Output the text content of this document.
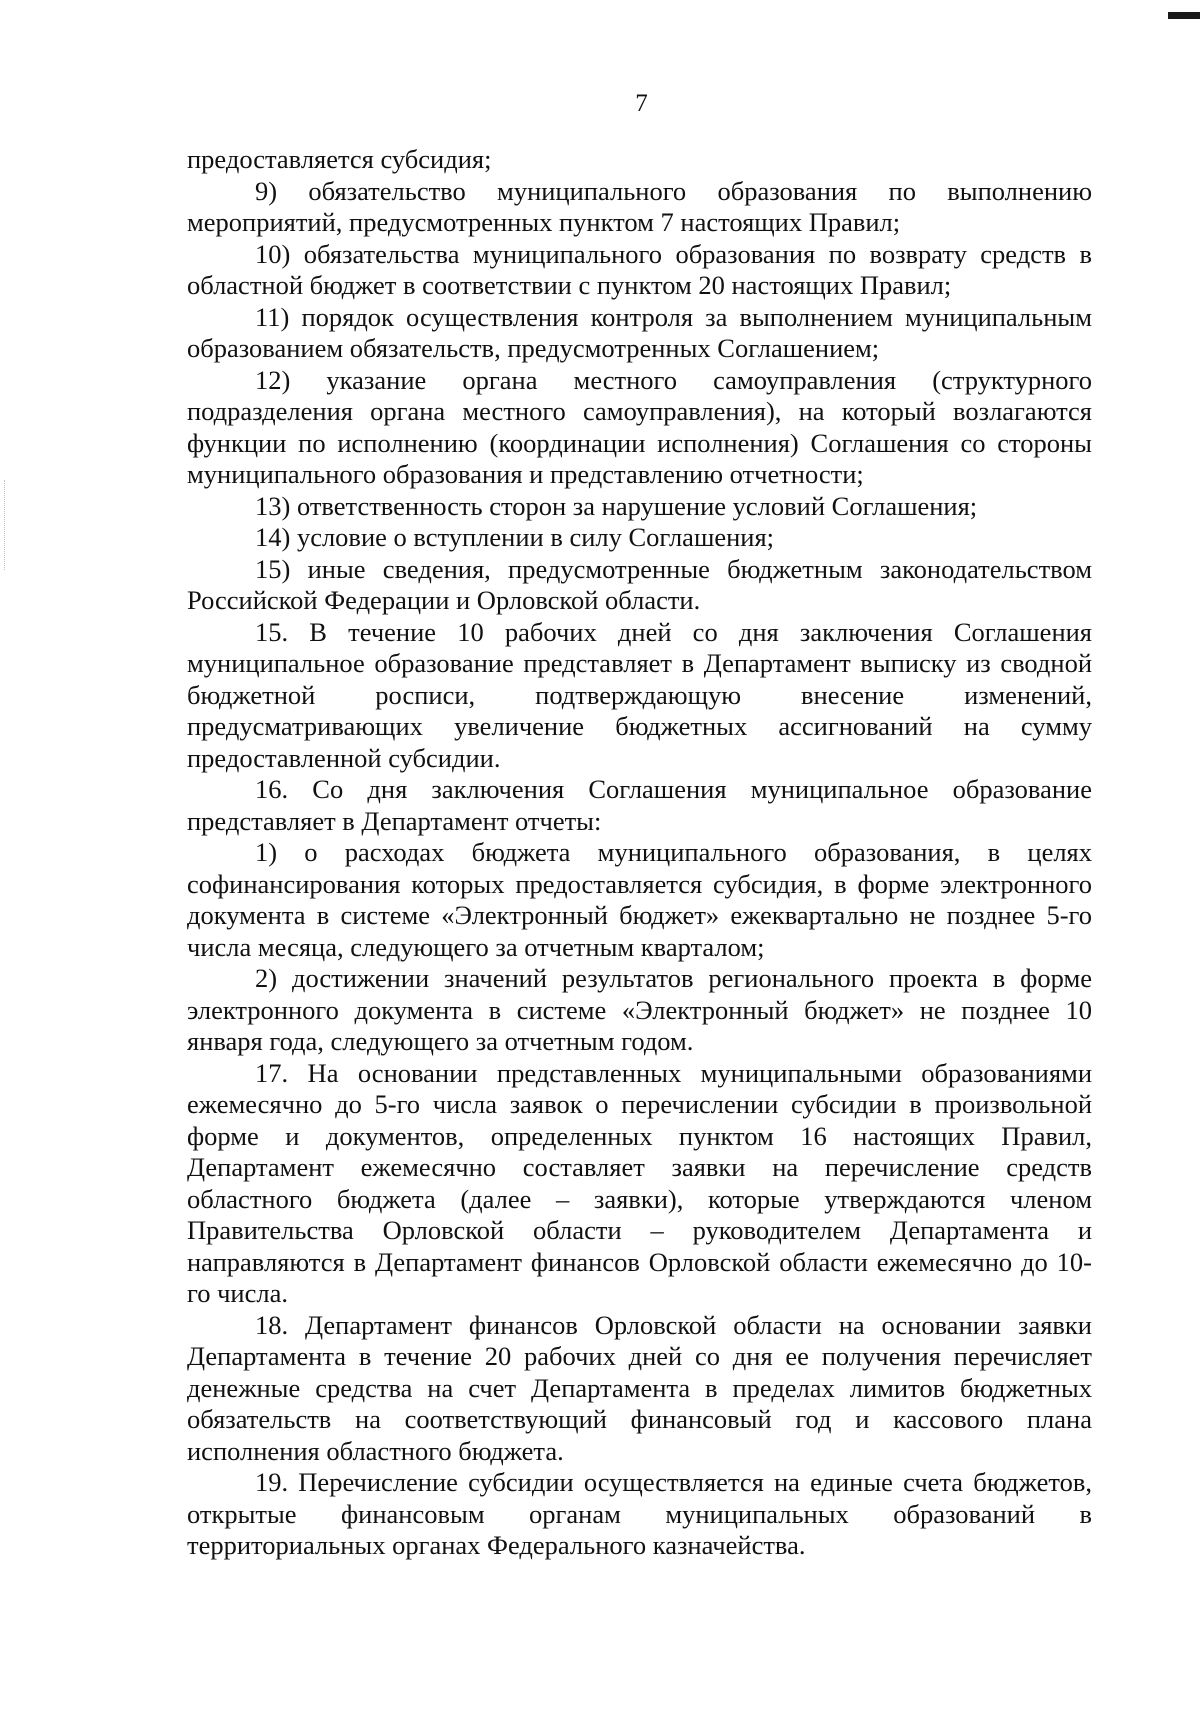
7

предоставляется субсидия;

9) обязательство муниципального образования по выполнению мероприятий, предусмотренных пунктом 7 настоящих Правил;

10) обязательства муниципального образования по возврату средств в областной бюджет в соответствии с пунктом 20 настоящих Правил;

11) порядок осуществления контроля за выполнением муниципальным образованием обязательств, предусмотренных Соглашением;

12) указание органа местного самоуправления (структурного подразделения органа местного самоуправления), на который возлагаются функции по исполнению (координации исполнения) Соглашения со стороны муниципального образования и представлению отчетности;

13) ответственность сторон за нарушение условий Соглашения;

14) условие о вступлении в силу Соглашения;

15) иные сведения, предусмотренные бюджетным законодательством Российской Федерации и Орловской области.

15. В течение 10 рабочих дней со дня заключения Соглашения муниципальное образование представляет в Департамент выписку из сводной бюджетной росписи, подтверждающую внесение изменений, предусматривающих увеличение бюджетных ассигнований на сумму предоставленной субсидии.

16. Со дня заключения Соглашения муниципальное образование представляет в Департамент отчеты:

1) о расходах бюджета муниципального образования, в целях софинансирования которых предоставляется субсидия, в форме электронного документа в системе «Электронный бюджет» ежеквартально не позднее 5-го числа месяца, следующего за отчетным кварталом;

2) достижении значений результатов регионального проекта в форме электронного документа в системе «Электронный бюджет» не позднее 10 января года, следующего за отчетным годом.

17. На основании представленных муниципальными образованиями ежемесячно до 5-го числа заявок о перечислении субсидии в произвольной форме и документов, определенных пунктом 16 настоящих Правил, Департамент ежемесячно составляет заявки на перечисление средств областного бюджета (далее – заявки), которые утверждаются членом Правительства Орловской области – руководителем Департамента и направляются в Департамент финансов Орловской области ежемесячно до 10-го числа.

18. Департамент финансов Орловской области на основании заявки Департамента в течение 20 рабочих дней со дня ее получения перечисляет денежные средства на счет Департамента в пределах лимитов бюджетных обязательств на соответствующий финансовый год и кассового плана исполнения областного бюджета.

19. Перечисление субсидии осуществляется на единые счета бюджетов, открытые финансовым органам муниципальных образований в территориальных органах Федерального казначейства.
